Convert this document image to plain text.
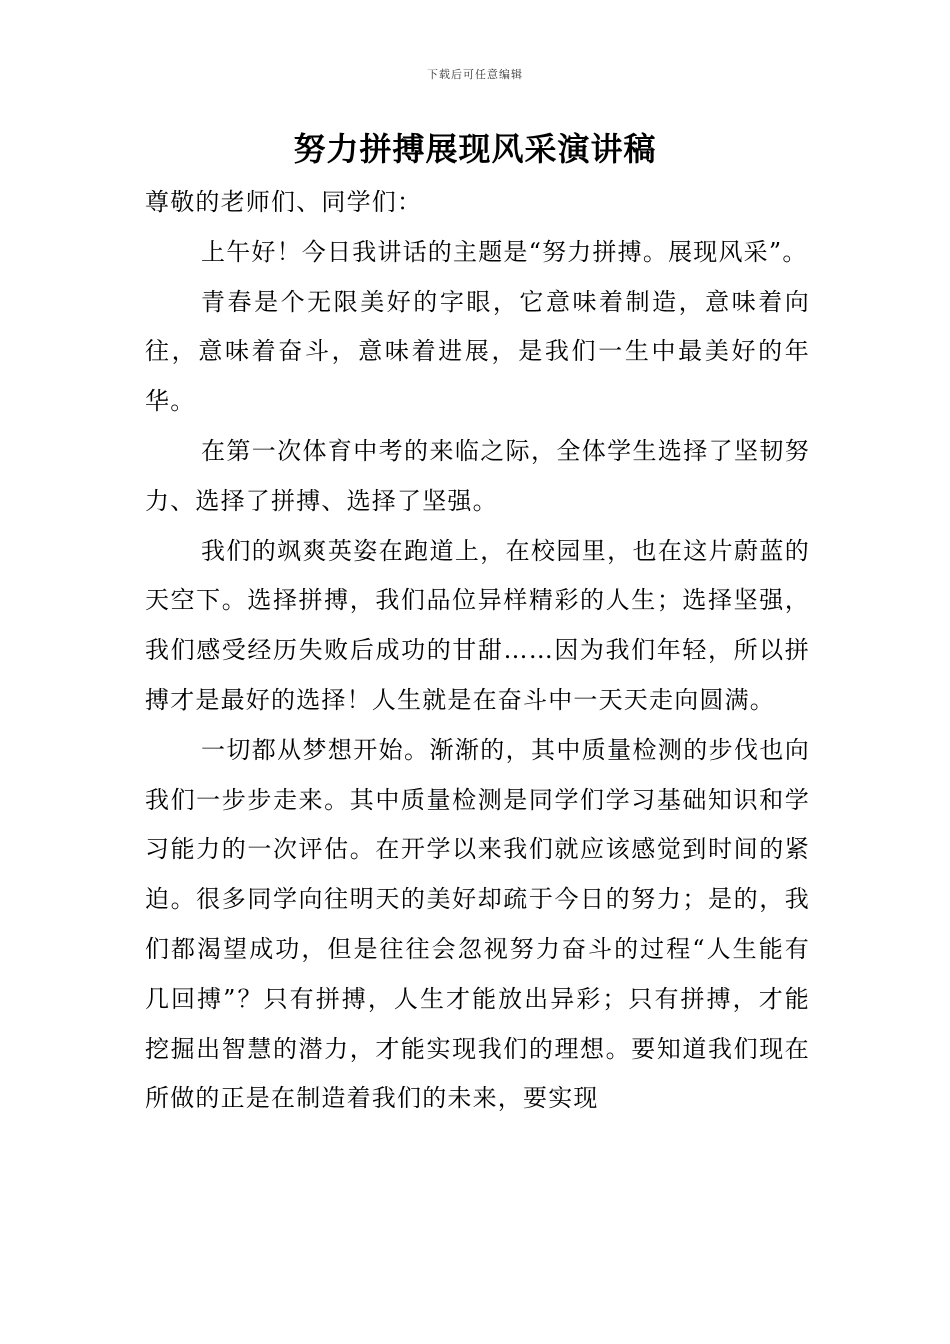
下载后可任意编辑
努力拼搏展现风采演讲稿

尊敬的老师们、同学们：

上午好！今日我讲话的主题是“努力拼搏。展现风采”。

青春是个无限美好的字眼，它意味着制造，意味着向往，意味着奋斗，意味着进展，是我们一生中最美好的年华。

在第一次体育中考的来临之际，全体学生选择了坚韧努力、选择了拼搏、选择了坚强。

我们的飒爽英姿在跑道上，在校园里，也在这片蔚蓝的天空下。选择拼搏，我们品位异样精彩的人生；选择坚强，我们感受经历失败后成功的甘甜……因为我们年轻，所以拼搏才是最好的选择！人生就是在奋斗中一天天走向圆满。

一切都从梦想开始。渐渐的，其中质量检测的步伐也向我们一步步走来。其中质量检测是同学们学习基础知识和学习能力的一次评估。在开学以来我们就应该感觉到时间的紧迫。很多同学向往明天的美好却疏于今日的努力；是的，我们都渴望成功，但是往往会忽视努力奋斗的过程“人生能有几回搏”？只有拼搏，人生才能放出异彩；只有拼搏，才能挖掘出智慧的潜力，才能实现我们的理想。要知道我们现在所做的正是在制造着我们的未来，要实现
